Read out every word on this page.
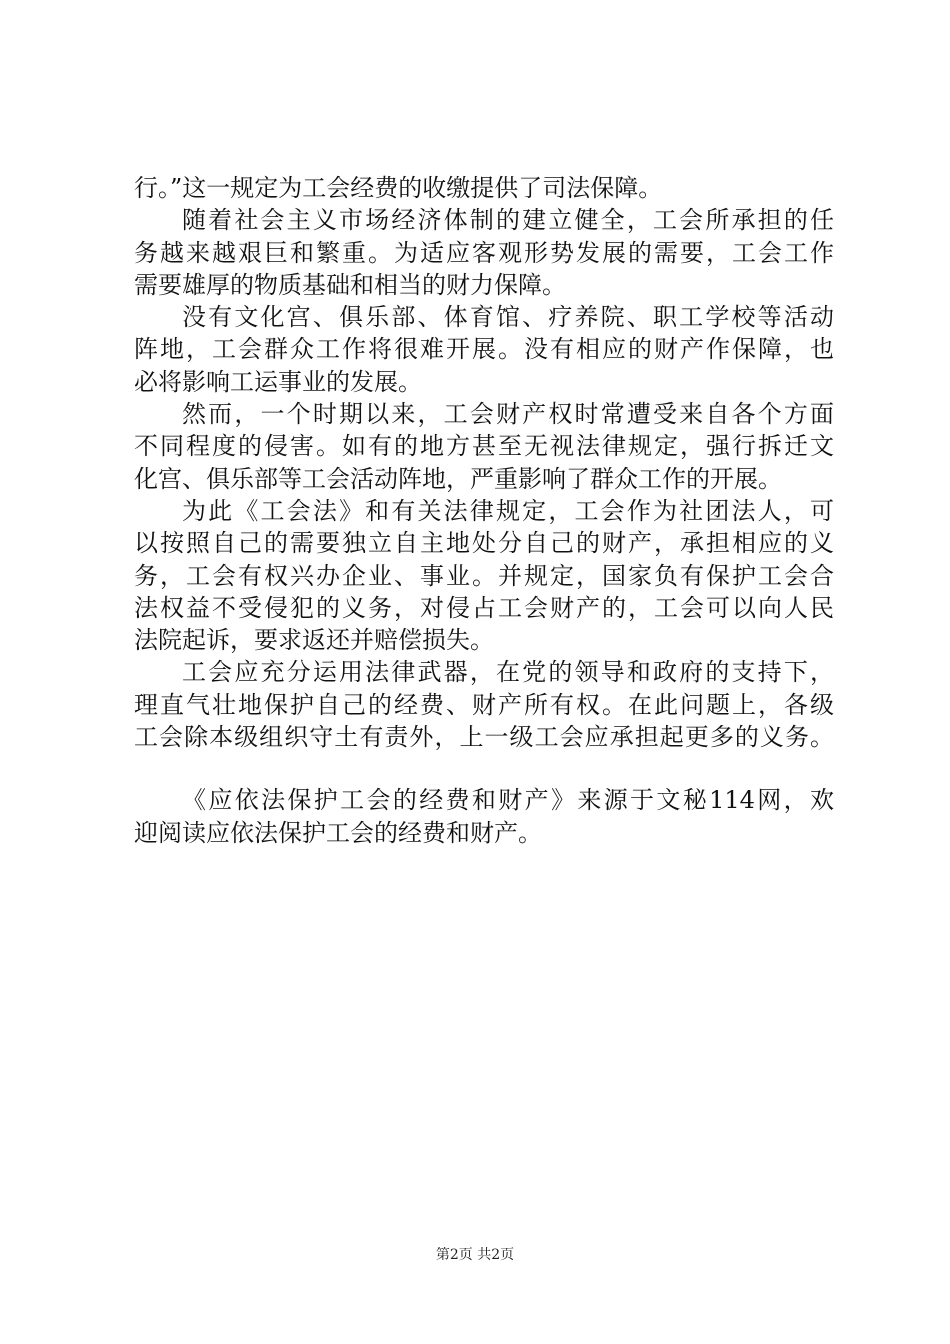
行。”这一规定为工会经费的收缴提供了司法保障。
随着社会主义市场经济体制的建立健全，工会所承担的任
务越来越艰巨和繁重。为适应客观形势发展的需要，工会工作
需要雄厚的物质基础和相当的财力保障。
没有文化宫、俱乐部、体育馆、疗养院、职工学校等活动
阵地，工会群众工作将很难开展。没有相应的财产作保障，也
必将影响工运事业的发展。
然而，一个时期以来，工会财产权时常遭受来自各个方面
不同程度的侵害。如有的地方甚至无视法律规定，强行拆迁文
化宫、俱乐部等工会活动阵地，严重影响了群众工作的开展。
为此《工会法》和有关法律规定，工会作为社团法人，可
以按照自己的需要独立自主地处分自己的财产，承担相应的义
务，工会有权兴办企业、事业。并规定，国家负有保护工会合
法权益不受侵犯的义务，对侵占工会财产的，工会可以向人民
法院起诉，要求返还并赔偿损失。
工会应充分运用法律武器，在党的领导和政府的支持下，
理直气壮地保护自己的经费、财产所有权。在此问题上，各级
工会除本级组织守土有责外，上一级工会应承担起更多的义务。
《应依法保护工会的经费和财产》来源于文秘114网，欢
迎阅读应依法保护工会的经费和财产。
第2页 共2页
